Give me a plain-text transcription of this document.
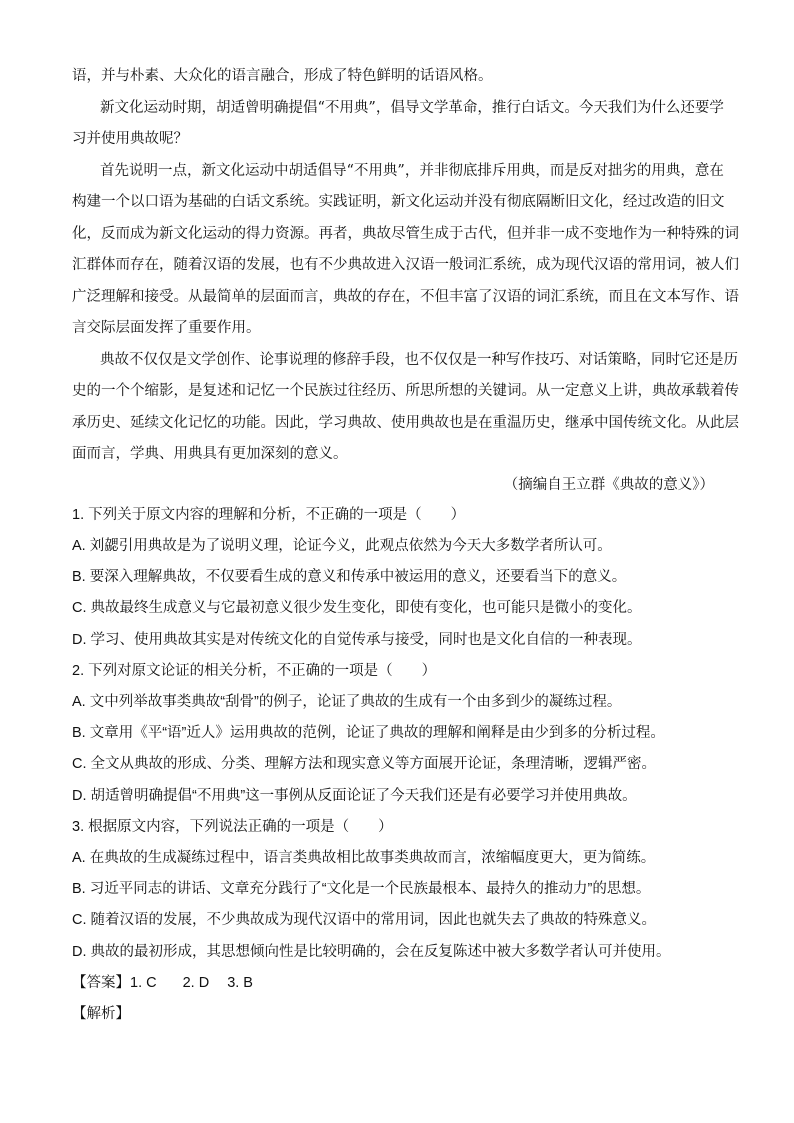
语，并与朴素、大众化的语言融合，形成了特色鲜明的话语风格。
新文化运动时期，胡适曾明确提倡“不用典”，倡导文学革命，推行白话文。今天我们为什么还要学
习并使用典故呢？
首先说明一点，新文化运动中胡适倡导“不用典”，并非彻底排斥用典，而是反对拙劣的用典，意在
构建一个以口语为基础的白话文系统。实践证明，新文化运动并没有彻底隔断旧文化，经过改造的旧文
化，反而成为新文化运动的得力资源。再者，典故尽管生成于古代，但并非一成不变地作为一种特殊的词
汇群体而存在，随着汉语的发展，也有不少典故进入汉语一般词汇系统，成为现代汉语的常用词，被人们
广泛理解和接受。从最简单的层面而言，典故的存在，不但丰富了汉语的词汇系统，而且在文本写作、语
言交际层面发挥了重要作用。
典故不仅仅是文学创作、论事说理的修辞手段，也不仅仅是一种写作技巧、对话策略，同时它还是历
史的一个个缩影，是复述和记忆一个民族过往经历、所思所想的关键词。从一定意义上讲，典故承载着传
承历史、延续文化记忆的功能。因此，学习典故、使用典故也是在重温历史，继承中国传统文化。从此层
面而言，学典、用典具有更加深刻的意义。
（摘编自王立群《典故的意义》）
1. 下列关于原文内容的理解和分析，不正确的一项是（　　）
A. 刘勰引用典故是为了说明义理，论证今义，此观点依然为今天大多数学者所认可。
B. 要深入理解典故，不仅要看生成的意义和传承中被运用的意义，还要看当下的意义。
C. 典故最终生成意义与它最初意义很少发生变化，即使有变化，也可能只是微小的变化。
D. 学习、使用典故其实是对传统文化的自觉传承与接受，同时也是文化自信的一种表现。
2. 下列对原文论证的相关分析，不正确的一项是（　　）
A. 文中列举故事类典故“刮骨”的例子，论证了典故的生成有一个由多到少的凝练过程。
B. 文章用《平“语”近人》运用典故的范例，论证了典故的理解和阐释是由少到多的分析过程。
C. 全文从典故的形成、分类、理解方法和现实意义等方面展开论证，条理清晰，逻辑严密。
D. 胡适曾明确提倡“不用典”这一事例从反面论证了今天我们还是有必要学习并使用典故。
3. 根据原文内容，下列说法正确的一项是（　　）
A. 在典故的生成凝练过程中，语言类典故相比故事类典故而言，浓缩幅度更大，更为简练。
B. 习近平同志的讲话、文章充分践行了“文化是一个民族最根本、最持久的推动力”的思想。
C. 随着汉语的发展，不少典故成为现代汉语中的常用词，因此也就失去了典故的特殊意义。
D. 典故的最初形成，其思想倾向性是比较明确的，会在反复陈述中被大多数学者认可并使用。
【答案】1. C 2. D 3. B
【解析】
